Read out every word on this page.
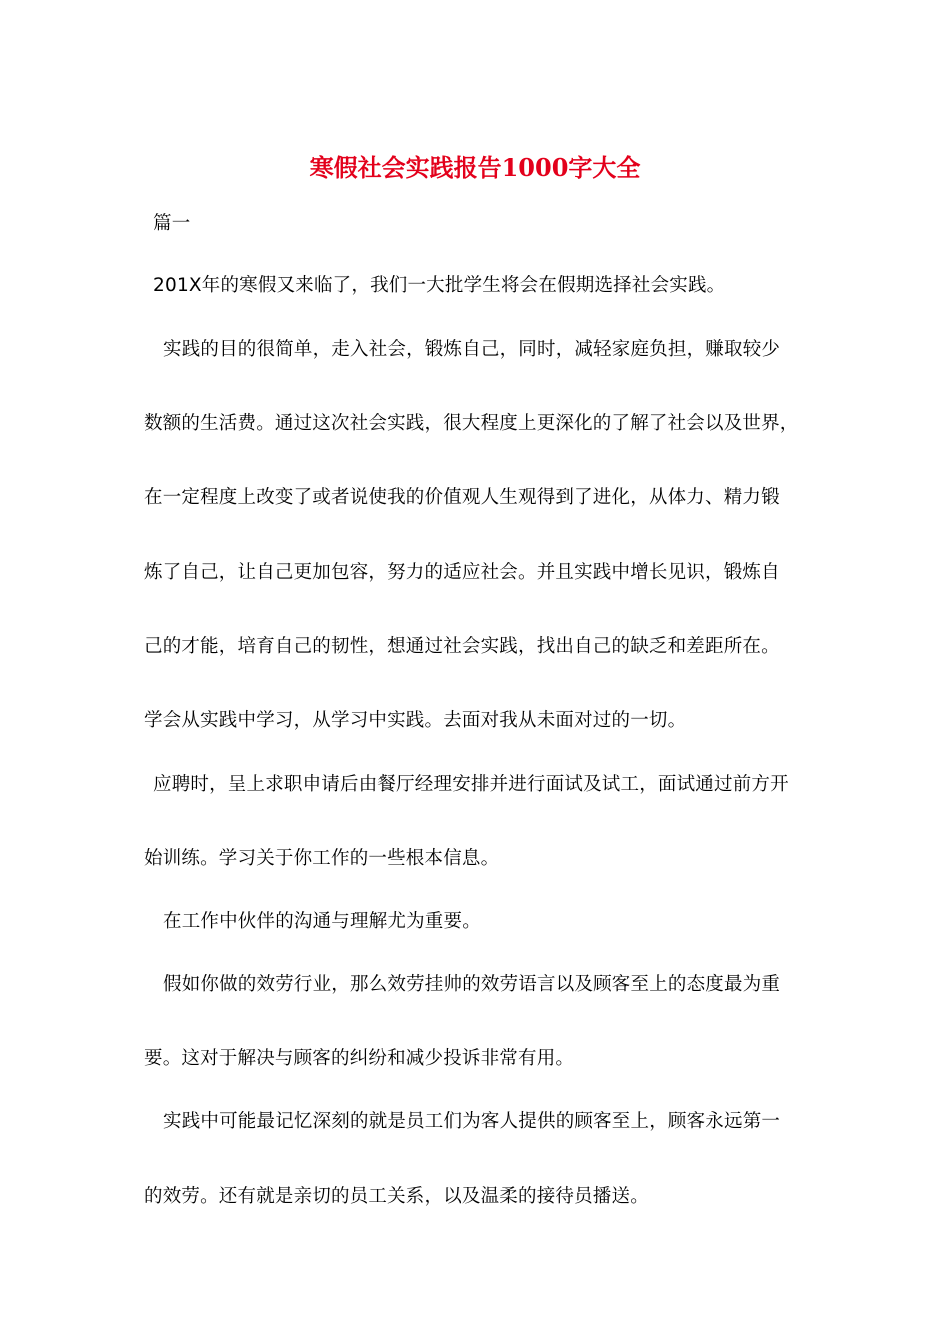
寒假社会实践报告1000字大全
篇一
201X年的寒假又来临了，我们一大批学生将会在假期选择社会实践。
实践的目的很简单，走入社会，锻炼自己，同时，减轻家庭负担，赚取较少
数额的生活费。通过这次社会实践，很大程度上更深化的了解了社会以及世界，
在一定程度上改变了或者说使我的价值观人生观得到了进化，从体力、精力锻
炼了自己，让自己更加包容，努力的适应社会。并且实践中增长见识，锻炼自
己的才能，培育自己的韧性，想通过社会实践，找出自己的缺乏和差距所在。
学会从实践中学习，从学习中实践。去面对我从未面对过的一切。
应聘时，呈上求职申请后由餐厅经理安排并进行面试及试工，面试通过前方开
始训练。学习关于你工作的一些根本信息。
在工作中伙伴的沟通与理解尤为重要。
假如你做的效劳行业，那么效劳挂帅的效劳语言以及顾客至上的态度最为重
要。这对于解决与顾客的纠纷和减少投诉非常有用。
实践中可能最记忆深刻的就是员工们为客人提供的顾客至上，顾客永远第一
的效劳。还有就是亲切的员工关系，以及温柔的接待员播送。
